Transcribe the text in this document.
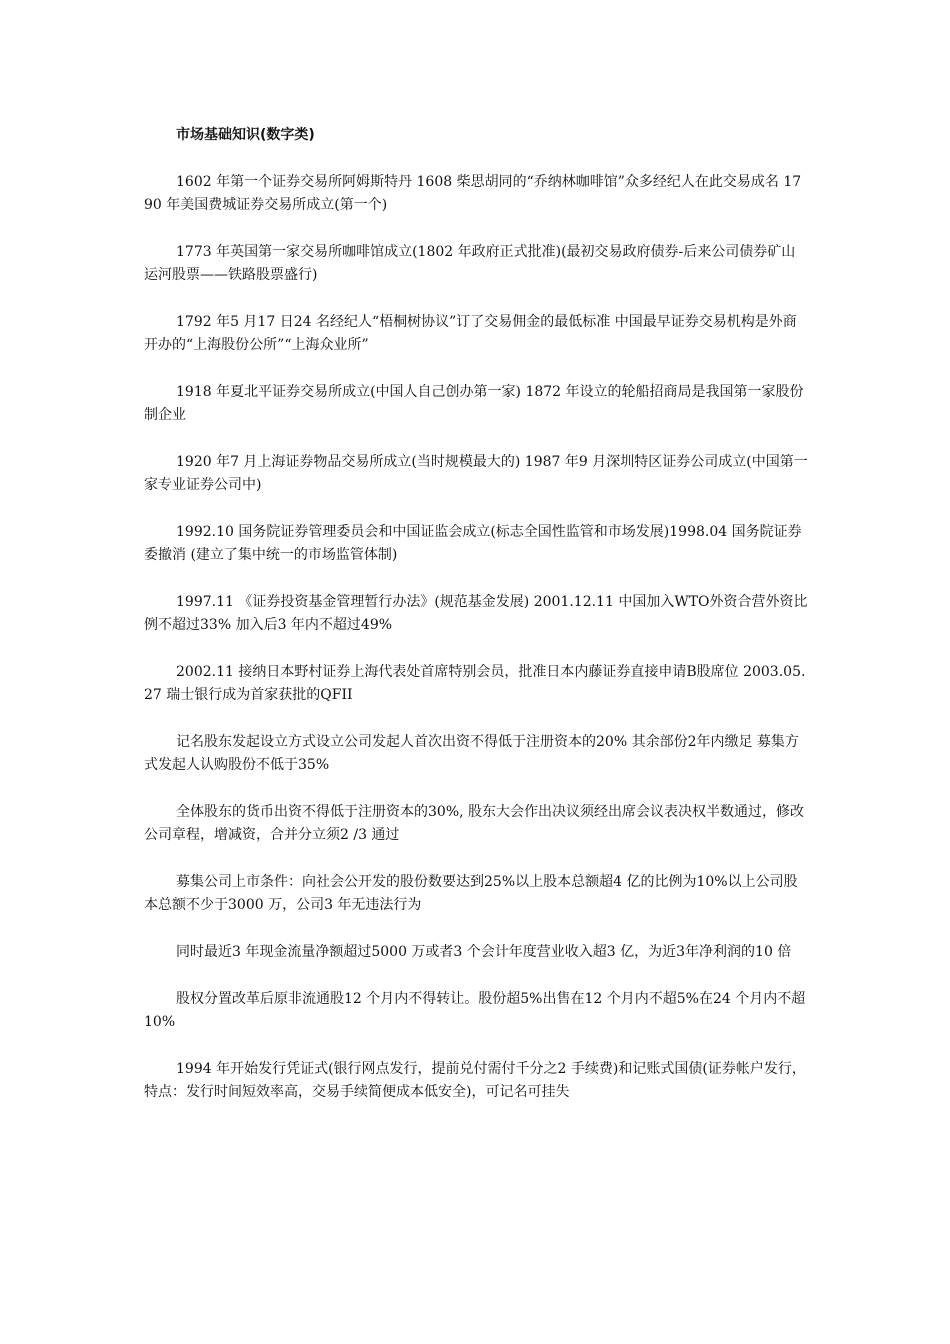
市场基础知识(数字类)

1602 年第一个证券交易所阿姆斯特丹 1608 柴思胡同的“乔纳林咖啡馆”众多经纪人在此交易成名 1790 年美国费城证券交易所成立(第一个)

1773 年英国第一家交易所咖啡馆成立(1802 年政府正式批准)(最初交易政府债券-后来公司债券矿山运河股票——铁路股票盛行)

1792 年5 月17 日24 名经纪人“梧桐树协议”订了交易佣金的最低标准 中国最早证券交易机构是外商开办的“上海股份公所”“上海众业所”

1918 年夏北平证券交易所成立(中国人自己创办第一家) 1872 年设立的轮船招商局是我国第一家股份制企业

1920 年7 月上海证券物品交易所成立(当时规模最大的) 1987 年9 月深圳特区证券公司成立(中国第一家专业证券公司中)

1992.10 国务院证券管理委员会和中国证监会成立(标志全国性监管和市场发展)1998.04 国务院证券委撤消 (建立了集中统一的市场监管体制)

1997.11 《证券投资基金管理暂行办法》(规范基金发展) 2001.12.11 中国加入WTO外资合营外资比例不超过33% 加入后3 年内不超过49%

2002.11 接纳日本野村证券上海代表处首席特别会员，批准日本内藤证券直接申请B股席位 2003.05.27 瑞士银行成为首家获批的QFII

记名股东发起设立方式设立公司发起人首次出资不得低于注册资本的20% 其余部份2年内缴足 募集方式发起人认购股份不低于35%

全体股东的货币出资不得低于注册资本的30%, 股东大会作出决议须经出席会议表决权半数通过，修改公司章程，增减资，合并分立须2 /3 通过

募集公司上市条件：向社会公开发的股份数要达到25%以上股本总额超4 亿的比例为10%以上公司股本总额不少于3000 万，公司3 年无违法行为

同时最近3 年现金流量净额超过5000 万或者3 个会计年度营业收入超3 亿，为近3年净利润的10 倍

股权分置改革后原非流通股12 个月内不得转让。股份超5%出售在12 个月内不超5%在24 个月内不超10%

1994 年开始发行凭证式(银行网点发行，提前兑付需付千分之2 手续费)和记账式国债(证券帐户发行，特点：发行时间短效率高，交易手续简便成本低安全)，可记名可挂失
